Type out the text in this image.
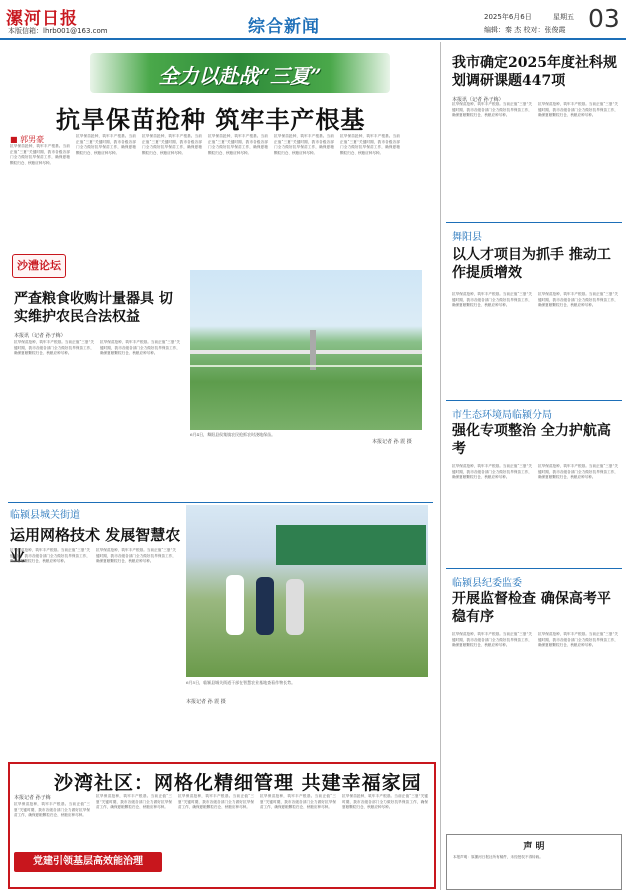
漯河日报
本版信箱：lhrb001@163.com	综合新闻	2025年6月6日	星期五
编辑：秦 杰 校对：张俊霞 03
全力以赴战“三夏”
抗旱保苗抢种 筑牢丰产根基
■ 郭男豪
抗旱保苗抢种，筑牢丰产根基。当前正值“三夏”关键时期，我市各级各部门全力做好抗旱保苗工作，确保夏粮颗粒归仓、秋粮应种尽种。
抗旱保苗抢种，筑牢丰产根基。当前正值“三夏”关键时期，我市各级各部门全力做好抗旱保苗工作，确保夏粮颗粒归仓、秋粮应种尽种。
抗旱保苗抢种，筑牢丰产根基。当前正值“三夏”关键时期，我市各级各部门全力做好抗旱保苗工作，确保夏粮颗粒归仓、秋粮应种尽种。
抗旱保苗抢种，筑牢丰产根基。当前正值“三夏”关键时期，我市各级各部门全力做好抗旱保苗工作，确保夏粮颗粒归仓、秋粮应种尽种。
抗旱保苗抢种，筑牢丰产根基。当前正值“三夏”关键时期，我市各级各部门全力做好抗旱保苗工作，确保夏粮颗粒归仓、秋粮应种尽种。
抗旱保苗抢种，筑牢丰产根基。当前正值“三夏”关键时期，我市各级各部门全力做好抗旱保苗工作，确保夏粮颗粒归仓、秋粮应种尽种。
沙澧论坛
严查粮食收购计量器具 切实维护农民合法权益
本报讯（记者 孙子梅）
抗旱保苗抢种，筑牢丰产根基。当前正值“三夏”关键时期，我市各级各部门全力做好抗旱保苗工作，确保夏粮颗粒归仓、秋粮应种尽种。
抗旱保苗抢种，筑牢丰产根基。当前正值“三夏”关键时期，我市各级各部门全力做好抗旱保苗工作，确保夏粮颗粒归仓、秋粮应种尽种。
6月4日，舞阳县侯集镇农民抢抓农时浇地保苗。
本报记者 孙 震 摄
临颍县城关街道
运用网格技术 发展智慧农业
抗旱保苗抢种，筑牢丰产根基。当前正值“三夏”关键时期，我市各级各部门全力做好抗旱保苗工作，确保夏粮颗粒归仓、秋粮应种尽种。
抗旱保苗抢种，筑牢丰产根基。当前正值“三夏”关键时期，我市各级各部门全力做好抗旱保苗工作，确保夏粮颗粒归仓、秋粮应种尽种。
6月5日，临颍县城关街道干部在智慧农业基地查看作物长势。
本报记者 孙 震 摄
沙湾社区：网格化精细管理 共建幸福家园
本报记者 孙子梅
抗旱保苗抢种，筑牢丰产根基。当前正值“三夏”关键时期，我市各级各部门全力做好抗旱保苗工作，确保夏粮颗粒归仓、秋粮应种尽种。
抗旱保苗抢种，筑牢丰产根基。当前正值“三夏”关键时期，我市各级各部门全力做好抗旱保苗工作，确保夏粮颗粒归仓、秋粮应种尽种。
抗旱保苗抢种，筑牢丰产根基。当前正值“三夏”关键时期，我市各级各部门全力做好抗旱保苗工作，确保夏粮颗粒归仓、秋粮应种尽种。
抗旱保苗抢种，筑牢丰产根基。当前正值“三夏”关键时期，我市各级各部门全力做好抗旱保苗工作，确保夏粮颗粒归仓、秋粮应种尽种。
抗旱保苗抢种，筑牢丰产根基。当前正值“三夏”关键时期，我市各级各部门全力做好抗旱保苗工作，确保夏粮颗粒归仓、秋粮应种尽种。
党建引领基层高效能治理
我市确定2025年度社科规划调研课题447项
本报讯（记者 孙子梅）
抗旱保苗抢种，筑牢丰产根基。当前正值“三夏”关键时期，我市各级各部门全力做好抗旱保苗工作，确保夏粮颗粒归仓、秋粮应种尽种。
抗旱保苗抢种，筑牢丰产根基。当前正值“三夏”关键时期，我市各级各部门全力做好抗旱保苗工作，确保夏粮颗粒归仓、秋粮应种尽种。
舞阳县
以人才项目为抓手 推动工作提质增效
抗旱保苗抢种，筑牢丰产根基。当前正值“三夏”关键时期，我市各级各部门全力做好抗旱保苗工作，确保夏粮颗粒归仓、秋粮应种尽种。
抗旱保苗抢种，筑牢丰产根基。当前正值“三夏”关键时期，我市各级各部门全力做好抗旱保苗工作，确保夏粮颗粒归仓、秋粮应种尽种。
市生态环境局临颍分局
强化专项整治 全力护航高考
抗旱保苗抢种，筑牢丰产根基。当前正值“三夏”关键时期，我市各级各部门全力做好抗旱保苗工作，确保夏粮颗粒归仓、秋粮应种尽种。
抗旱保苗抢种，筑牢丰产根基。当前正值“三夏”关键时期，我市各级各部门全力做好抗旱保苗工作，确保夏粮颗粒归仓、秋粮应种尽种。
临颍县纪委监委
开展监督检查 确保高考平稳有序
抗旱保苗抢种，筑牢丰产根基。当前正值“三夏”关键时期，我市各级各部门全力做好抗旱保苗工作，确保夏粮颗粒归仓、秋粮应种尽种。
抗旱保苗抢种，筑牢丰产根基。当前正值“三夏”关键时期，我市各级各部门全力做好抗旱保苗工作，确保夏粮颗粒归仓、秋粮应种尽种。
声 明
本报声明：原漯河日报社所有稿件，未经授权不得转载。
